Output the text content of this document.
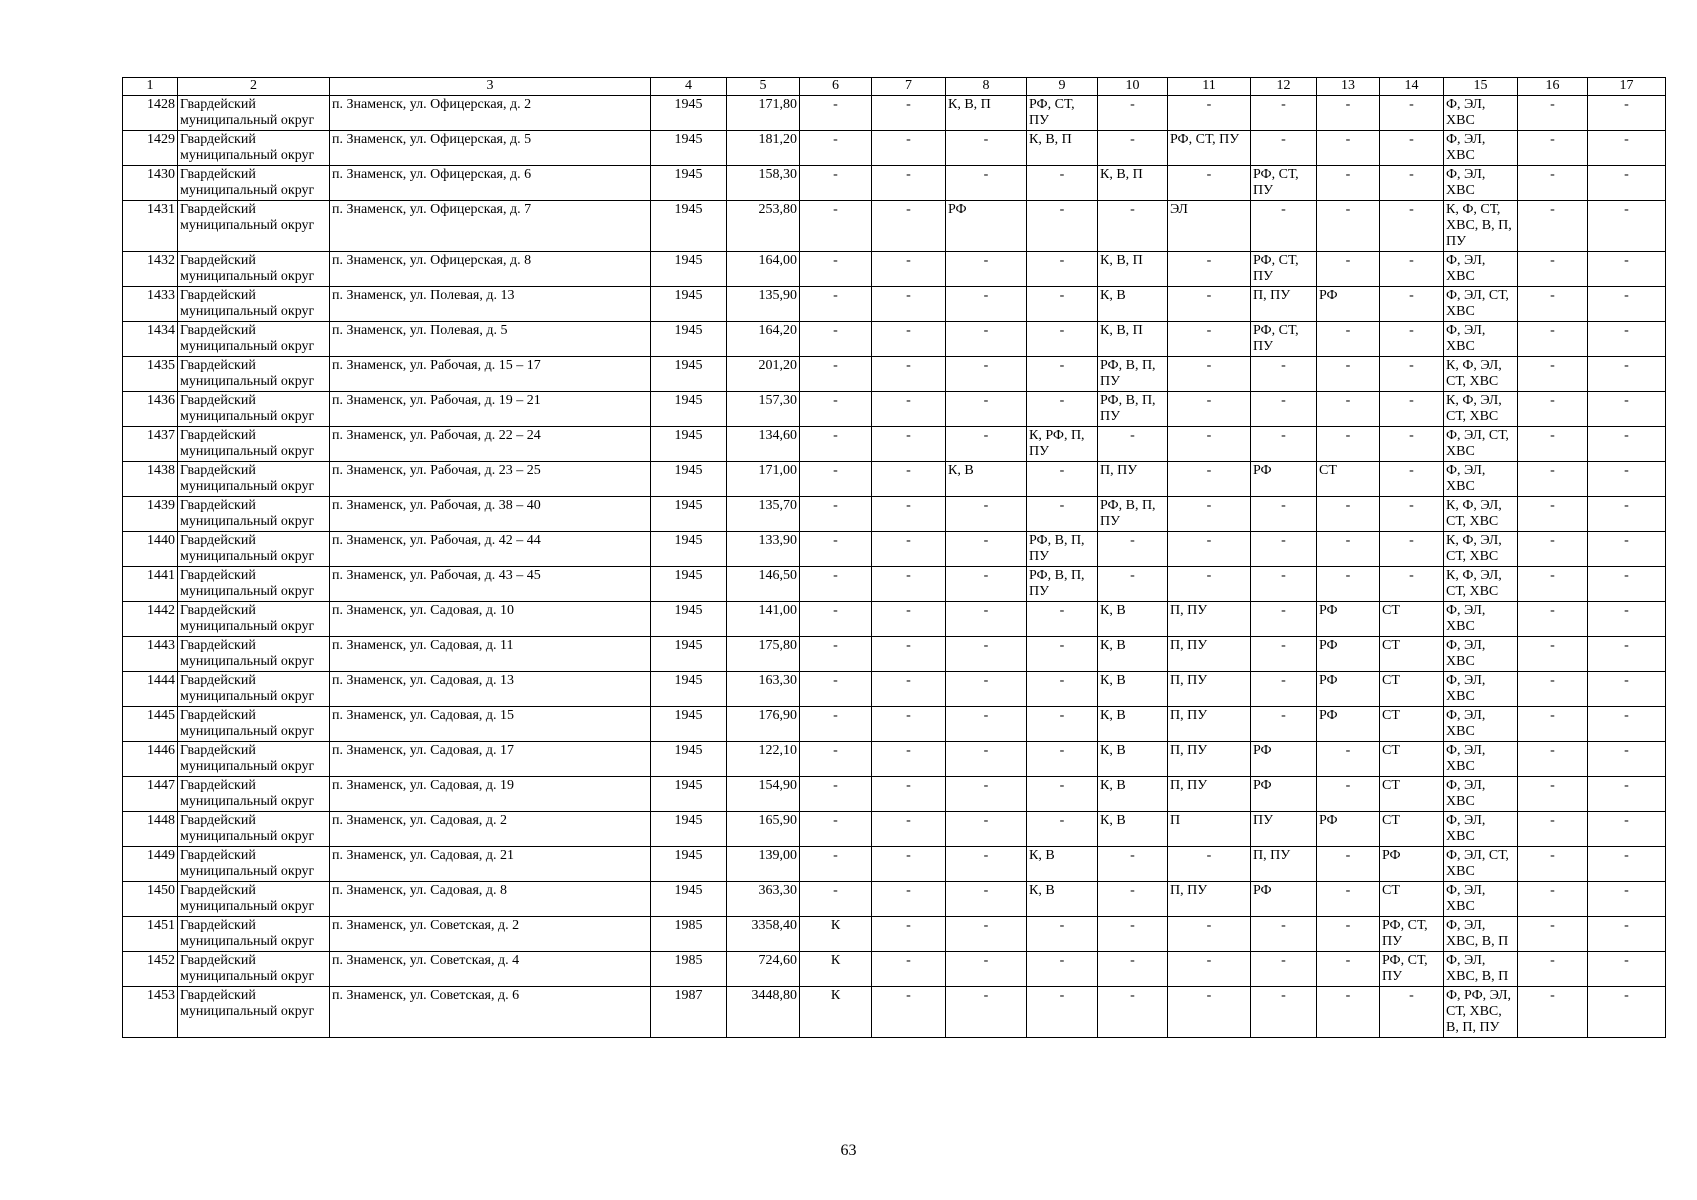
1	2	3	4	5	6	7	8	9	10	11	12	13	14	15	16	17
1428	Гвардейский муниципальный округ	п. Знаменск, ул. Офицерская, д. 2	1945	171,80	-	-	К, В, П	РФ, СТ, ПУ	-	-	-	-	-	Ф, ЭЛ, ХВС	-	-
1429	Гвардейский муниципальный округ	п. Знаменск, ул. Офицерская, д. 5	1945	181,20	-	-	-	К, В, П	-	РФ, СТ, ПУ	-	-	-	Ф, ЭЛ, ХВС	-	-
1430	Гвардейский муниципальный округ	п. Знаменск, ул. Офицерская, д. 6	1945	158,30	-	-	-	-	К, В, П	-	РФ, СТ, ПУ	-	-	Ф, ЭЛ, ХВС	-	-
1431	Гвардейский муниципальный округ	п. Знаменск, ул. Офицерская, д. 7	1945	253,80	-	-	РФ	-	-	ЭЛ	-	-	-	К, Ф, СТ, ХВС, В, П, ПУ	-	-
1432	Гвардейский муниципальный округ	п. Знаменск, ул. Офицерская, д. 8	1945	164,00	-	-	-	-	К, В, П	-	РФ, СТ, ПУ	-	-	Ф, ЭЛ, ХВС	-	-
1433	Гвардейский муниципальный округ	п. Знаменск, ул. Полевая, д. 13	1945	135,90	-	-	-	-	К, В	-	П, ПУ	РФ	-	Ф, ЭЛ, СТ, ХВС	-	-
1434	Гвардейский муниципальный округ	п. Знаменск, ул. Полевая, д. 5	1945	164,20	-	-	-	-	К, В, П	-	РФ, СТ, ПУ	-	-	Ф, ЭЛ, ХВС	-	-
1435	Гвардейский муниципальный округ	п. Знаменск, ул. Рабочая, д. 15 – 17	1945	201,20	-	-	-	-	РФ, В, П, ПУ	-	-	-	-	К, Ф, ЭЛ, СТ, ХВС	-	-
1436	Гвардейский муниципальный округ	п. Знаменск, ул. Рабочая, д. 19 – 21	1945	157,30	-	-	-	-	РФ, В, П, ПУ	-	-	-	-	К, Ф, ЭЛ, СТ, ХВС	-	-
1437	Гвардейский муниципальный округ	п. Знаменск, ул. Рабочая, д. 22 – 24	1945	134,60	-	-	-	К, РФ, П, ПУ	-	-	-	-	-	Ф, ЭЛ, СТ, ХВС	-	-
1438	Гвардейский муниципальный округ	п. Знаменск, ул. Рабочая, д. 23 – 25	1945	171,00	-	-	К, В	-	П, ПУ	-	РФ	СТ	-	Ф, ЭЛ, ХВС	-	-
1439	Гвардейский муниципальный округ	п. Знаменск, ул. Рабочая, д. 38 – 40	1945	135,70	-	-	-	-	РФ, В, П, ПУ	-	-	-	-	К, Ф, ЭЛ, СТ, ХВС	-	-
1440	Гвардейский муниципальный округ	п. Знаменск, ул. Рабочая, д. 42 – 44	1945	133,90	-	-	-	РФ, В, П, ПУ	-	-	-	-	-	К, Ф, ЭЛ, СТ, ХВС	-	-
1441	Гвардейский муниципальный округ	п. Знаменск, ул. Рабочая, д. 43 – 45	1945	146,50	-	-	-	РФ, В, П, ПУ	-	-	-	-	-	К, Ф, ЭЛ, СТ, ХВС	-	-
1442	Гвардейский муниципальный округ	п. Знаменск, ул. Садовая, д. 10	1945	141,00	-	-	-	-	К, В	П, ПУ	-	РФ	СТ	Ф, ЭЛ, ХВС	-	-
1443	Гвардейский муниципальный округ	п. Знаменск, ул. Садовая, д. 11	1945	175,80	-	-	-	-	К, В	П, ПУ	-	РФ	СТ	Ф, ЭЛ, ХВС	-	-
1444	Гвардейский муниципальный округ	п. Знаменск, ул. Садовая, д. 13	1945	163,30	-	-	-	-	К, В	П, ПУ	-	РФ	СТ	Ф, ЭЛ, ХВС	-	-
1445	Гвардейский муниципальный округ	п. Знаменск, ул. Садовая, д. 15	1945	176,90	-	-	-	-	К, В	П, ПУ	-	РФ	СТ	Ф, ЭЛ, ХВС	-	-
1446	Гвардейский муниципальный округ	п. Знаменск, ул. Садовая, д. 17	1945	122,10	-	-	-	-	К, В	П, ПУ	РФ	-	СТ	Ф, ЭЛ, ХВС	-	-
1447	Гвардейский муниципальный округ	п. Знаменск, ул. Садовая, д. 19	1945	154,90	-	-	-	-	К, В	П, ПУ	РФ	-	СТ	Ф, ЭЛ, ХВС	-	-
1448	Гвардейский муниципальный округ	п. Знаменск, ул. Садовая, д. 2	1945	165,90	-	-	-	-	К, В	П	ПУ	РФ	СТ	Ф, ЭЛ, ХВС	-	-
1449	Гвардейский муниципальный округ	п. Знаменск, ул. Садовая, д. 21	1945	139,00	-	-	-	К, В	-	-	П, ПУ	-	РФ	Ф, ЭЛ, СТ, ХВС	-	-
1450	Гвардейский муниципальный округ	п. Знаменск, ул. Садовая, д. 8	1945	363,30	-	-	-	К, В	-	П, ПУ	РФ	-	СТ	Ф, ЭЛ, ХВС	-	-
1451	Гвардейский муниципальный округ	п. Знаменск, ул. Советская, д. 2	1985	3358,40	К	-	-	-	-	-	-	-	РФ, СТ, ПУ	Ф, ЭЛ, ХВС, В, П	-	-
1452	Гвардейский муниципальный округ	п. Знаменск, ул. Советская, д. 4	1985	724,60	К	-	-	-	-	-	-	-	РФ, СТ, ПУ	Ф, ЭЛ, ХВС, В, П	-	-
1453	Гвардейский муниципальный округ	п. Знаменск, ул. Советская, д. 6	1987	3448,80	К	-	-	-	-	-	-	-	-	Ф, РФ, ЭЛ, СТ, ХВС, В, П, ПУ	-	-
63
